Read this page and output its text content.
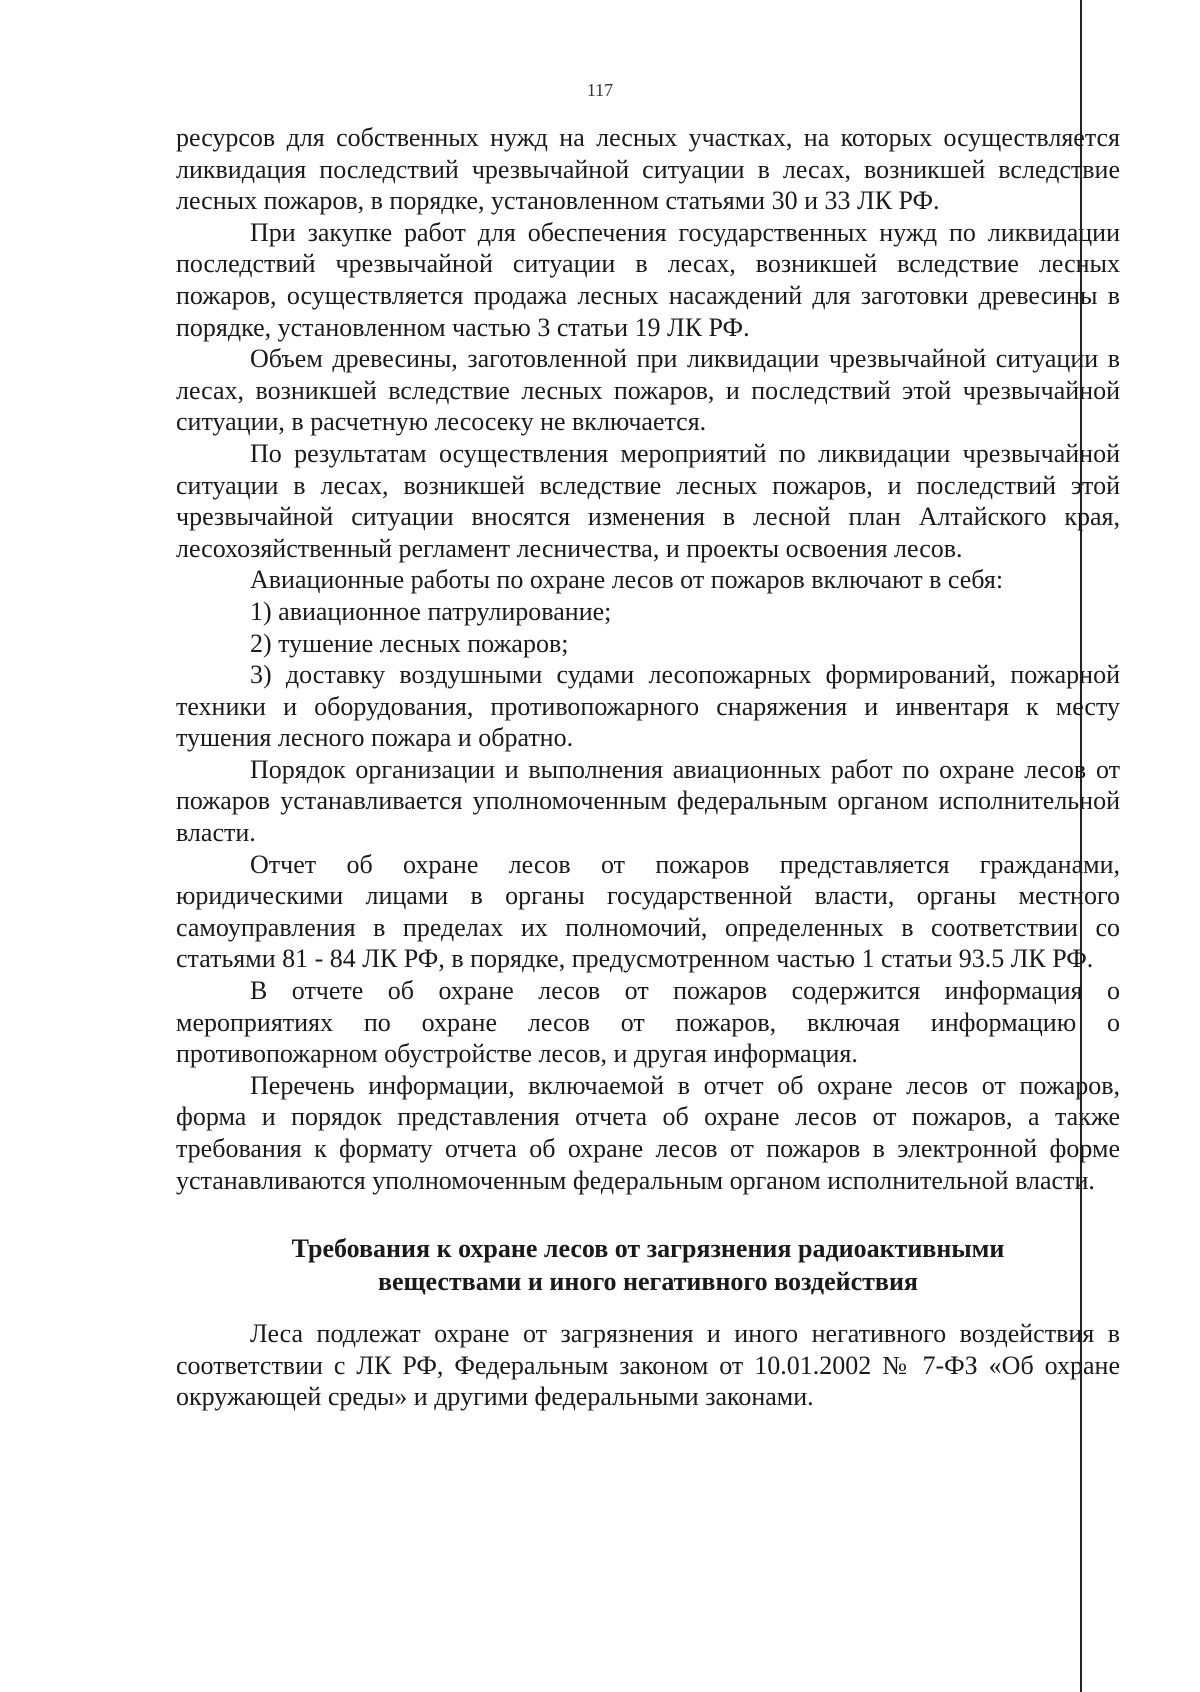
117

ресурсов для собственных нужд на лесных участках, на которых осуществляется ликвидация последствий чрезвычайной ситуации в лесах, возникшей вследствие лесных пожаров, в порядке, установленном статьями 30 и 33 ЛК РФ.

При закупке работ для обеспечения государственных нужд по ликвидации последствий чрезвычайной ситуации в лесах, возникшей вследствие лесных пожаров, осуществляется продажа лесных насаждений для заготовки древесины в порядке, установленном частью 3 статьи 19 ЛК РФ.

Объем древесины, заготовленной при ликвидации чрезвычайной ситуации в лесах, возникшей вследствие лесных пожаров, и последствий этой чрезвычайной ситуации, в расчетную лесосеку не включается.

По результатам осуществления мероприятий по ликвидации чрезвычайной ситуации в лесах, возникшей вследствие лесных пожаров, и последствий этой чрезвычайной ситуации вносятся изменения в лесной план Алтайского края, лесохозяйственный регламент лесничества, и проекты освоения лесов.

Авиационные работы по охране лесов от пожаров включают в себя:

1) авиационное патрулирование;

2) тушение лесных пожаров;

3) доставку воздушными судами лесопожарных формирований, пожарной техники и оборудования, противопожарного снаряжения и инвентаря к месту тушения лесного пожара и обратно.

Порядок организации и выполнения авиационных работ по охране лесов от пожаров устанавливается уполномоченным федеральным органом исполнительной власти.

Отчет об охране лесов от пожаров представляется гражданами, юридическими лицами в органы государственной власти, органы местного самоуправления в пределах их полномочий, определенных в соответствии со статьями 81 - 84 ЛК РФ, в порядке, предусмотренном частью 1 статьи 93.5 ЛК РФ.

В отчете об охране лесов от пожаров содержится информация о мероприятиях по охране лесов от пожаров, включая информацию о противопожарном обустройстве лесов, и другая информация.

Перечень информации, включаемой в отчет об охране лесов от пожаров, форма и порядок представления отчета об охране лесов от пожаров, а также требования к формату отчета об охране лесов от пожаров в электронной форме устанавливаются уполномоченным федеральным органом исполнительной власти.

Требования к охране лесов от загрязнения радиоактивными
веществами и иного негативного воздействия

Леса подлежат охране от загрязнения и иного негативного воздействия в соответствии с ЛК РФ, Федеральным законом от 10.01.2002 № 7-ФЗ «Об охране окружающей среды» и другими федеральными законами.
